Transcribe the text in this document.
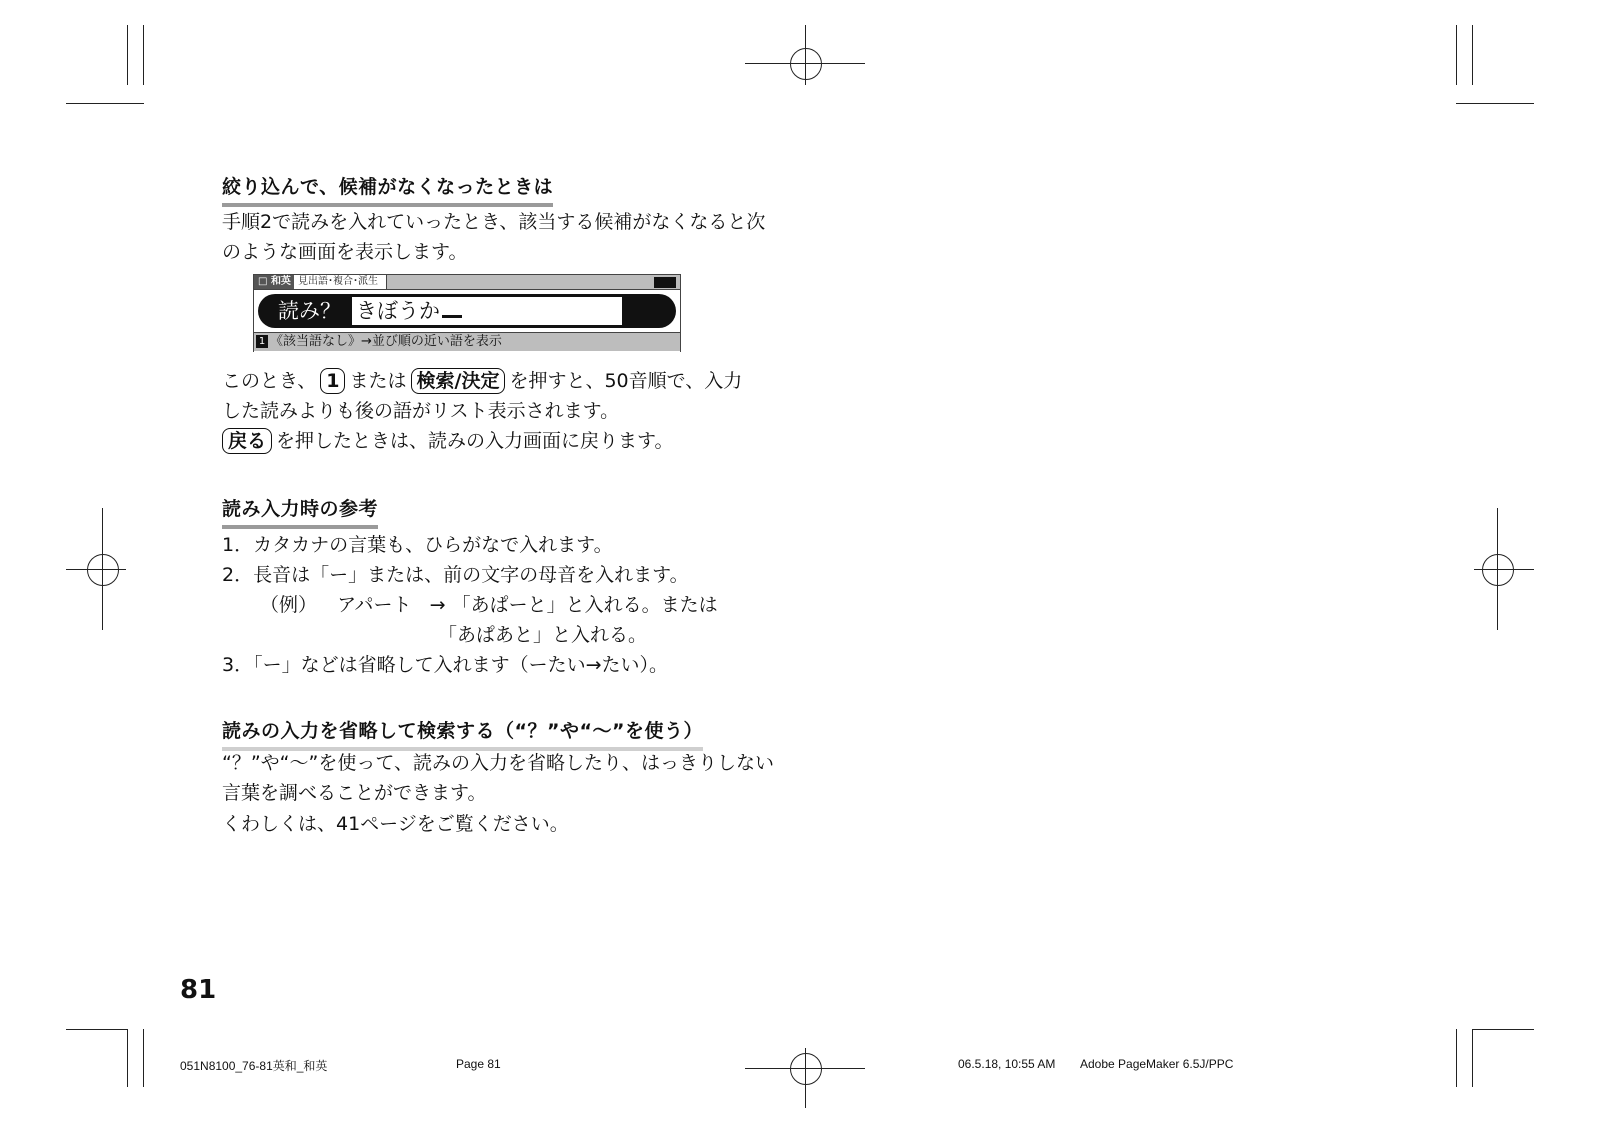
絞り込んで、候補がなくなったときは
手順2で読みを入れていったとき、該当する候補がなくなると次
のような画面を表示します。
このとき、 1 または 検索/決定 を押すと、50音順で、入力
した読みよりも後の語がリスト表示されます。
戻る を押したときは、読みの入力画面に戻ります。
読み入力時の参考
1．カタカナの言葉も、ひらがなで入れます。
2．長音は「ー」または、前の文字の母音を入れます。
（例） アパート → 「あぱーと」と入れる。または
「あぱあと」と入れる。
3．「ー」などは省略して入れます（ーたい→たい）。
読みの入力を省略して検索する（“？”や“～”を使う）
“？”や“～”を使って、読みの入力を省略したり、はっきりしない
言葉を調べることができます。
くわしくは、41ページをご覧ください。
□ 和英 見出語･複合･派生
読み？ きぼうか
1 《該当語なし》→並び順の近い語を表示
81
051N8100_76-81英和_和英	Page 81	06.5.18, 10:55 AM Adobe PageMaker 6.5J/PPC
